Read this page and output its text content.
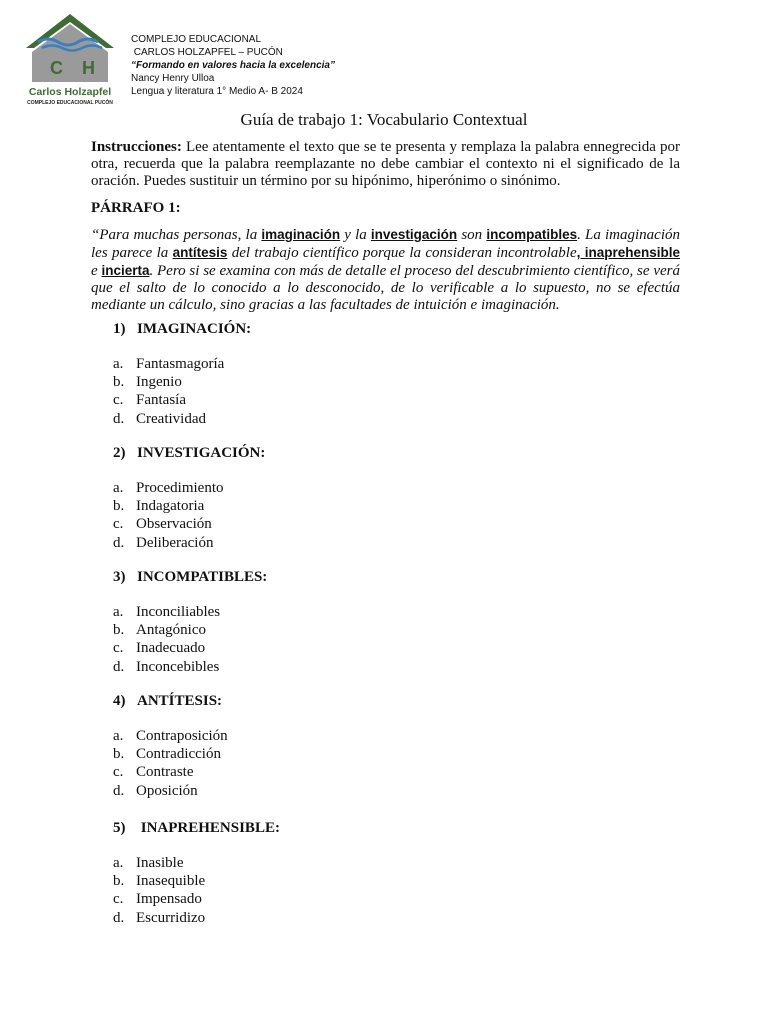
C H
Carlos Holzapfel
COMPLEJO EDUCACIONAL PUCÓN
COMPLEJO EDUCACIONAL
CARLOS HOLZAPFEL – PUCÓN
“Formando en valores hacia la excelencia”
Nancy Henry Ulloa
Lengua y literatura 1° Medio A- B 2024
Guía de trabajo 1: Vocabulario Contextual
Instrucciones: Lee atentamente el texto que se te presenta y remplaza la palabra ennegrecida por otra, recuerda que la palabra reemplazante no debe cambiar el contexto ni el significado de la oración. Puedes sustituir un término por su hipónimo, hiperónimo o sinónimo.
PÁRRAFO 1:
“Para muchas personas, la imaginación y la investigación son incompatibles. La imaginación les parece la antítesis del trabajo científico porque la consideran incontrolable, inaprehensible e incierta. Pero si se examina con más de detalle el proceso del descubrimiento científico, se verá que el salto de lo conocido a lo desconocido, de lo verificable a lo supuesto, no se efectúa mediante un cálculo, sino gracias a las facultades de intuición e imaginación.
1) IMAGINACIÓN:
a. Fantasmagoría
b. Ingenio
c. Fantasía
d. Creatividad
2) INVESTIGACIÓN:
a. Procedimiento
b. Indagatoria
c. Observación
d. Deliberación
3) INCOMPATIBLES:
a. Inconciliables
b. Antagónico
c. Inadecuado
d. Inconcebibles
4) ANTÍTESIS:
a. Contraposición
b. Contradicción
c. Contraste
d. Oposición
5) INAPREHENSIBLE:
a. Inasible
b. Inasequible
c. Impensado
d. Escurridizo
